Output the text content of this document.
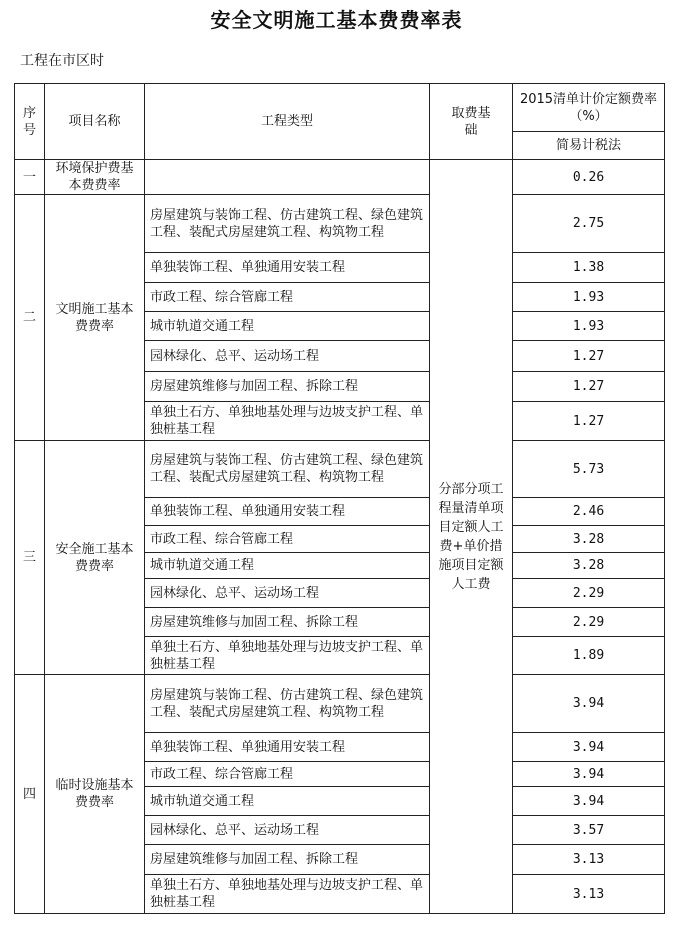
安全文明施工基本费费率表
工程在市区时
序号	项目名称	工程类型	取费基础	2015清单计价定额费率（%）
				简易计税法
一	环境保护费基本费费率		分部分项工程量清单项目定额人工费+单价措施项目定额人工费	0.26
二	文明施工基本费费率	房屋建筑与装饰工程、仿古建筑工程、绿色建筑工程、装配式房屋建筑工程、构筑物工程		2.75
		单独装饰工程、单独通用安装工程		1.38
		市政工程、综合管廊工程		1.93
		城市轨道交通工程		1.93
		园林绿化、总平、运动场工程		1.27
		房屋建筑维修与加固工程、拆除工程		1.27
		单独土石方、单独地基处理与边坡支护工程、单独桩基工程		1.27
三	安全施工基本费费率	房屋建筑与装饰工程、仿古建筑工程、绿色建筑工程、装配式房屋建筑工程、构筑物工程		5.73
		单独装饰工程、单独通用安装工程		2.46
		市政工程、综合管廊工程		3.28
		城市轨道交通工程		3.28
		园林绿化、总平、运动场工程		2.29
		房屋建筑维修与加固工程、拆除工程		2.29
		单独土石方、单独地基处理与边坡支护工程、单独桩基工程		1.89
四	临时设施基本费费率	房屋建筑与装饰工程、仿古建筑工程、绿色建筑工程、装配式房屋建筑工程、构筑物工程		3.94
		单独装饰工程、单独通用安装工程		3.94
		市政工程、综合管廊工程		3.94
		城市轨道交通工程		3.94
		园林绿化、总平、运动场工程		3.57
		房屋建筑维修与加固工程、拆除工程		3.13
		单独土石方、单独地基处理与边坡支护工程、单独桩基工程		3.13
